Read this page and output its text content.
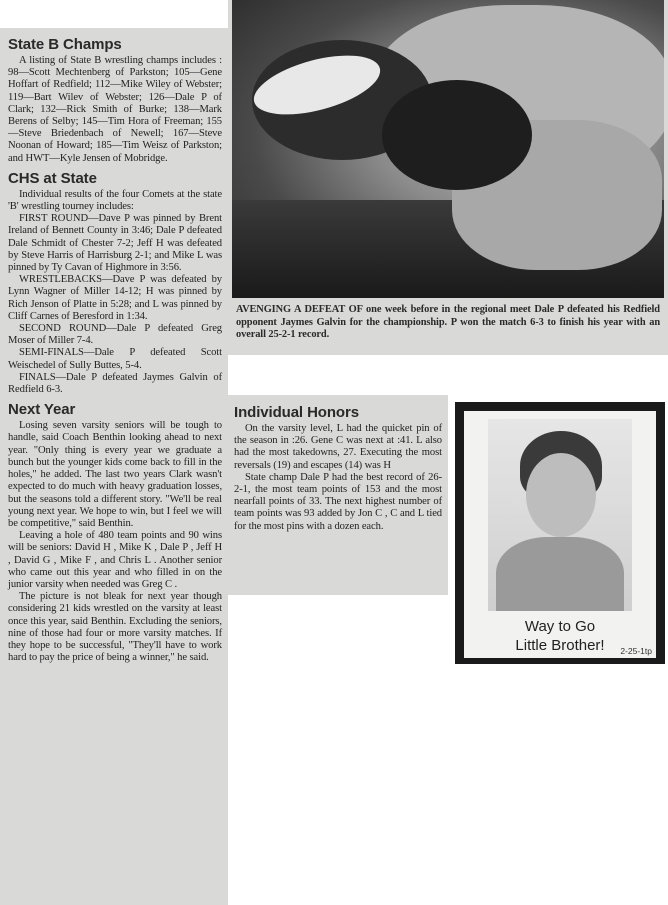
State B Champs

A listing of State B wrestling champs includes : 98—Scott Mechtenberg of Parkston; 105—Gene Hoffart of Redfield; 112—Mike Wiley of Webster; 119—Bart Wilev of Webster; 126—Dale P of Clark; 132—Rick Smith of Burke; 138—Mark Berens of Selby; 145—Tim Hora of Freeman; 155—Steve Briedenbach of Newell; 167—Steve Noonan of Howard; 185—Tim Weisz of Parkston; and HWT—Kyle Jensen of Mobridge.

CHS at State

Individual results of the four Comets at the state 'B' wrestling tourney includes:

FIRST ROUND—Dave P was pinned by Brent Ireland of Bennett County in 3:46; Dale P defeated Dale Schmidt of Chester 7-2; Jeff H was defeated by Steve Harris of Harrisburg 2-1; and Mike L was pinned by Ty Cavan of Highmore in 3:56.

WRESTLEBACKS—Dave P was defeated by Lynn Wagner of Miller 14-12; H was pinned by Rich Jenson of Platte in 5:28; and L was pinned by Cliff Carnes of Beresford in 1:34.

SECOND ROUND—Dale P defeated Greg Moser of Miller 7-4.

SEMI-FINALS—Dale P defeated Scott Weischedel of Sully Buttes, 5-4.

FINALS—Dale P defeated Jaymes Galvin of Redfield 6-3.

Next Year

Losing seven varsity seniors will be tough to handle, said Coach Benthin looking ahead to next year. "Only thing is every year we graduate a bunch but the younger kids come back to fill in the holes," he added. The last two years Clark wasn't expected to do much with heavy graduation losses, but the seasons told a different story. "We'll be real young next year. We hope to win, but I feel we will be competitive," said Benthin.

Leaving a hole of 480 team points and 90 wins will be seniors: David H , Mike K , Dale P , Jeff H , David G , Mike F , and Chris L . Another senior who came out this year and who filled in on the junior varsity when needed was Greg C .

The picture is not bleak for next year though considering 21 kids wrestled on the varsity at least once this year, said Benthin. Excluding the seniors, nine of those had four or more varsity matches. If they hope to be successful, "They'll have to work hard to pay the price of being a winner," he said.

AVENGING A DEFEAT OF one week before in the regional meet Dale P defeated his Redfield opponent Jaymes Galvin for the championship. P won the match 6-3 to finish his year with an overall 25-2-1 record.
Individual Honors

On the varsity level, L had the quicket pin of the season in :26. Gene C was next at :41. L also had the most takedowns, 27. Executing the most reversals (19) and escapes (14) was H

State champ Dale P had the best record of 26-2-1, the most team points of 153 and the most nearfall points of 33. The next highest number of team points was 93 added by Jon C , C and L tied for the most pins with a dozen each.

Way to Go
Little Brother!	2-25-1tp
